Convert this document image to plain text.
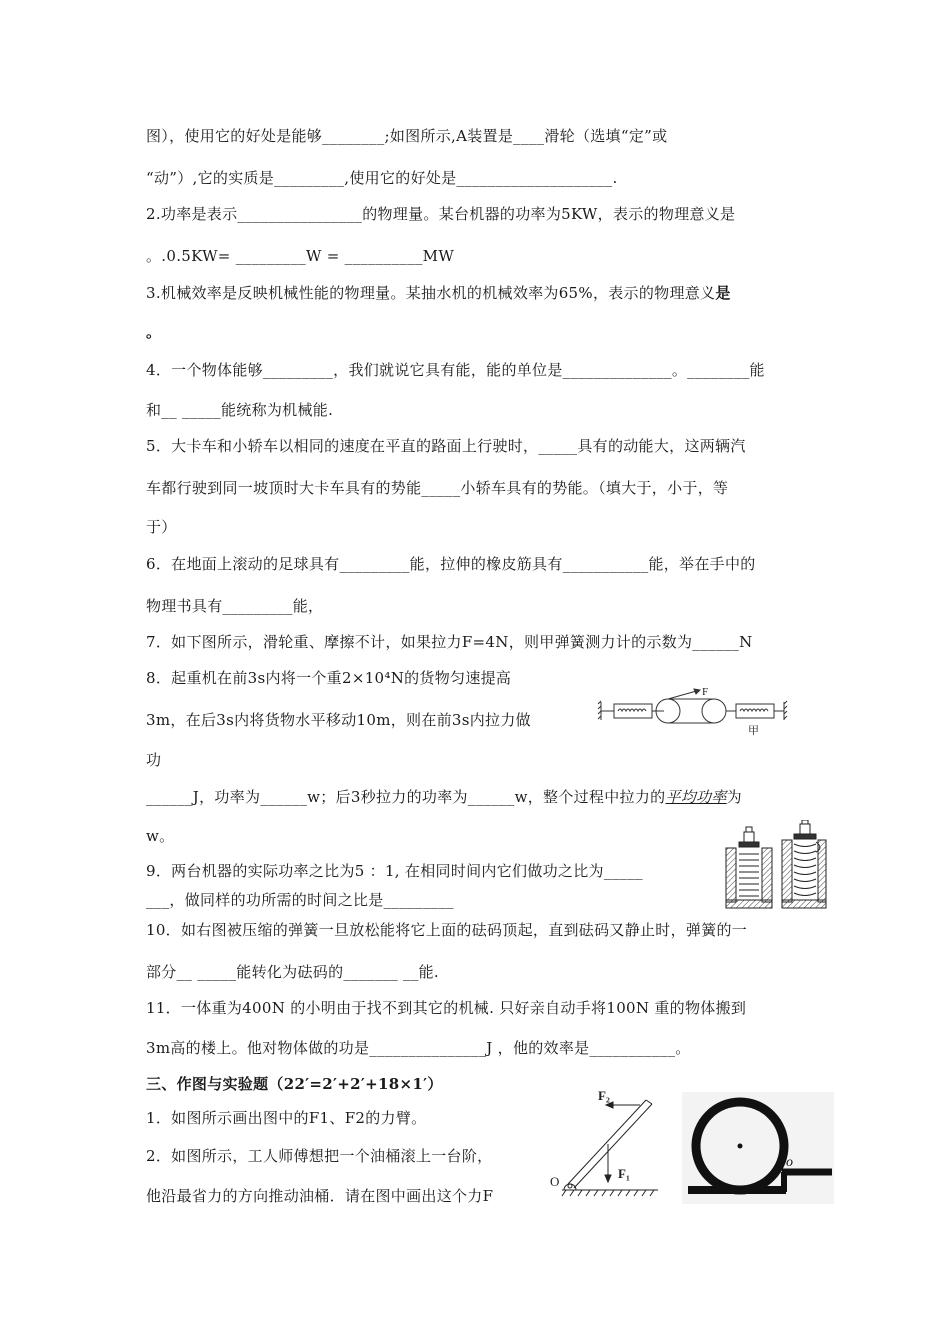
图），使用它的好处是能够________;如图所示,A装置是____滑轮（选填“定”或
“动”）,它的实质是_________,使用它的好处是____________________.
2.功率是表示________________的物理量。某台机器的功率为5KW，表示的物理意义是
。.0.5KW= _________W = __________MW
3.机械效率是反映机械性能的物理量。某抽水机的机械效率为65%，表示的物理意义是
。
4．一个物体能够_________，我们就说它具有能，能的单位是______________。________能
和__ _____能统称为机械能.
5．大卡车和小轿车以相同的速度在平直的路面上行驶时，_____具有的动能大，这两辆汽
车都行驶到同一坡顶时大卡车具有的势能_____小轿车具有的势能。（填大于，小于，等
于）
6．在地面上滚动的足球具有_________能，拉伸的橡皮筋具有___________能，举在手中的
物理书具有_________能，
7．如下图所示，滑轮重、摩擦不计，如果拉力F=4N，则甲弹簧测力计的示数为______N
8．起重机在前3s内将一个重2×10⁴N的货物匀速提高
3m，在后3s内将货物水平移动10m，则在前3s内拉力做
功
______J，功率为______w；后3秒拉力的功率为______w，整个过程中拉力的平均功率为
w。
9．两台机器的实际功率之比为5 ：1, 在相同时间内它们做功之比为_____
___，做同样的功所需的时间之比是_________
10．如右图被压缩的弹簧一旦放松能将它上面的砝码顶起，直到砝码又静止时，弹簧的一
部分__ _____能转化为砝码的_______ __能.
11．一体重为400N 的小明由于找不到其它的机械. 只好亲自动手将100N 重的物体搬到
3m高的楼上。他对物体做的功是_______________J ，他的效率是___________。
三、作图与实验题（22′=2′+2′+18×1′）
1．如图所示画出图中的F1、F2的力臂。
2．如图所示，工人师傅想把一个油桶滚上一台阶，
他沿最省力的方向推动油桶．请在图中画出这个力F
F
甲
F₂
F₁
O
o
